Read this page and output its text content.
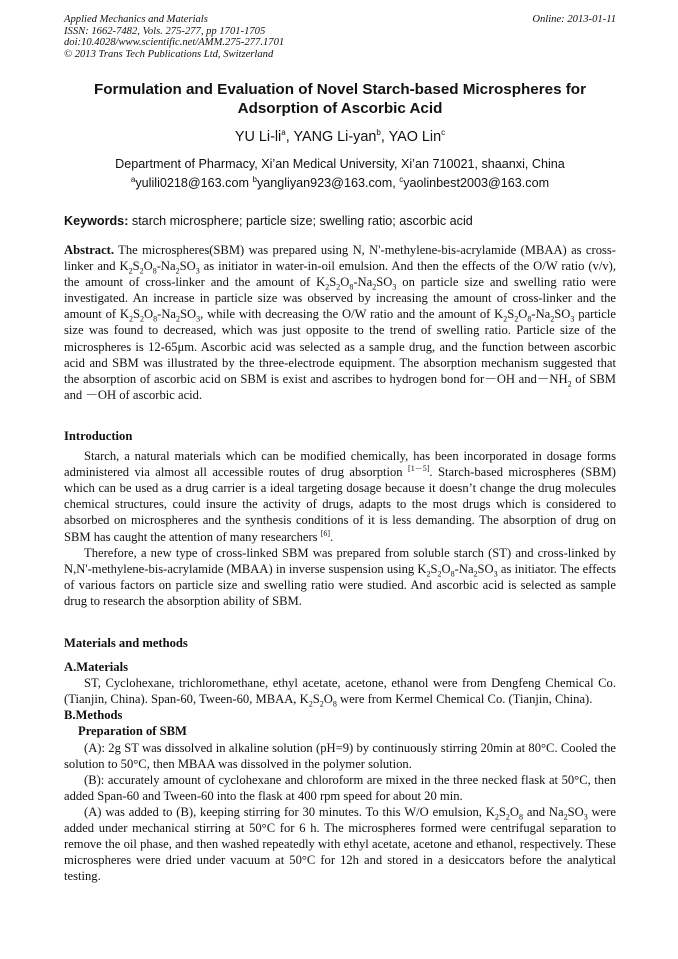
Applied Mechanics and Materials
ISSN: 1662-7482, Vols. 275-277, pp 1701-1705
doi:10.4028/www.scientific.net/AMM.275-277.1701
© 2013 Trans Tech Publications Ltd, Switzerland
Online: 2013-01-11
Formulation and Evaluation of Novel Starch-based Microspheres for Adsorption of Ascorbic Acid
YU $Li-li^a$, YANG Li-yan$^b$, YAO Lin$^c$
Department of Pharmacy, Xi’an Medical University, Xi’an 710021, shaanxi, China
$^a$yulili0218@163.com $^b$yangliyan923@163.com, $^c$yaolinbest2003@163.com
Keywords: starch microsphere; particle size; swelling ratio; ascorbic acid

Abstract. The microspheres(SBM) was prepared using N, N'-methylene-bis-acrylamide (MBAA) as cross-linker and $K_2S_2O_8-Na_2SO_3$ as initiator in water-in-oil emulsion. And then the effects of the O/W ratio (v/v), the amount of cross-linker and the amount of $K_2S_2O_8-Na_2SO_3$ on particle size and swelling ratio were investigated. An increase in particle size was observed by increasing the amount of cross-linker and the amount of $K_2S_2O_8-Na_2SO_3$, while with decreasing the O/W ratio and the amount of $K_2S_2O_8-Na_2SO_3$ particle size was found to decreased, which was just opposite to the trend of swelling ratio. Particle size of the microspheres is 12-65μm. Ascorbic acid was selected as a sample drug, and the function between ascorbic acid and SBM was illustrated by the three-electrode equipment. The absorption mechanism suggested that the absorption of ascorbic acid on SBM is exist and ascribes to hydrogen bond for－OH $and-NH_2$ of SBM and －OH of ascorbic acid.

Introduction

Starch, a natural materials which can be modified chemically, has been incorporated in dosage forms administered via almost all accessible routes of drug absorption [1－5]. Starch-based microspheres (SBM) which can be used as a drug carrier is a ideal targeting dosage because it doesn’t change the drug molecules chemical structures, could insure the activity of drugs, adapts to the most drugs which is considered to absorbed on microspheres and the synthesis conditions of it is less demanding. The absorption of drug on SBM has caught the attention of many researchers [6].

Therefore, a new type of cross-linked SBM was prepared from soluble starch (ST) and cross-linked by N,N'-methylene-bis-acrylamide (MBAA) in inverse suspension using $K_2S_2O_8-Na_2SO_3$ as initiator. The effects of various factors on particle size and swelling ratio were studied. And ascorbic acid is selected as sample drug to research the absorption ability of SBM.

Materials and methods

A.Materials

ST, Cyclohexane, trichloromethane, ethyl acetate, acetone, ethanol were from Dengfeng Chemical Co. (Tianjin, China). Span-60, Tween-60, MBAA, $K_2S_2O_8$ were from Kermel Chemical Co. (Tianjin, China).

B.Methods

Preparation of SBM

(A): 2g ST was dissolved in alkaline solution (pH=9) by continuously stirring 20min at 80°C. Cooled the solution to 50°C, then MBAA was dissolved in the polymer solution.

(B): accurately amount of cyclohexane and chloroform are mixed in the three necked flask at 50°C, then added Span-60 and Tween-60 into the flask at 400 rpm speed for about 20 min.

(A) was added to (B), keeping stirring for 30 minutes. To this W/O emulsion, $K_2S_2O_8$ and $Na_2SO_3$ were added under mechanical stirring at 50°C for 6 h. The microspheres formed were centrifugal separation to remove the oil phase, and then washed repeatedly with ethyl acetate, acetone and ethanol, respectively. These microspheres were dried under vacuum at 50°C for 12h and stored in a desiccators before the analytical testing.
